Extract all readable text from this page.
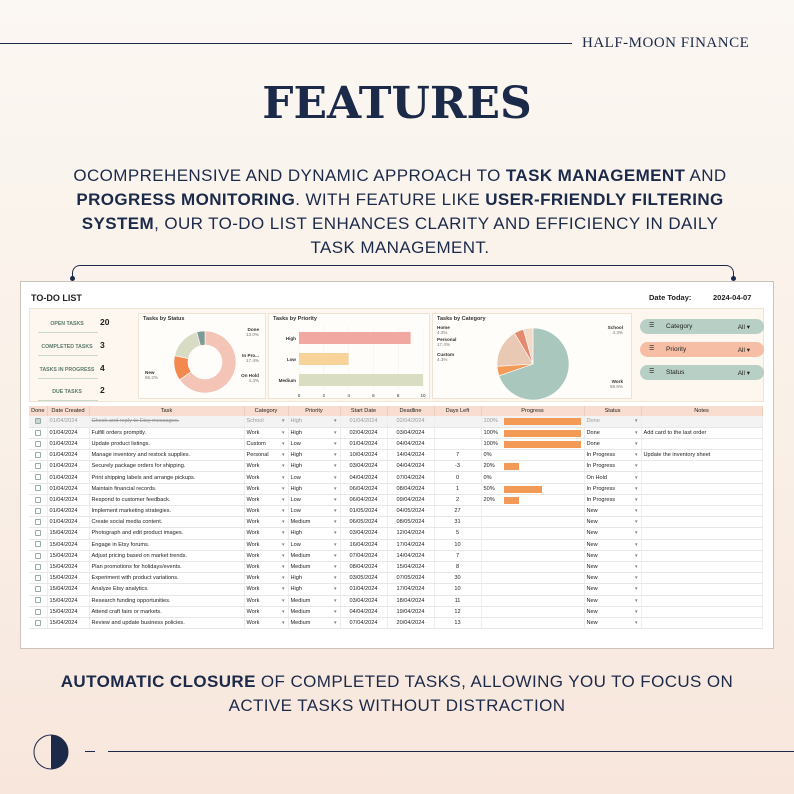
HALF-MOON FINANCE
FEATURES

OCOMPREHENSIVE AND DYNAMIC APPROACH TO TASK MANAGEMENT AND PROGRESS MONITORING. WITH FEATURE LIKE USER-FRIENDLY FILTERING SYSTEM, OUR TO-DO LIST ENHANCES CLARITY AND EFFICIENCY IN DAILY TASK MANAGEMENT.

TO-DO LIST	Date Today:	2024-04-07
OPEN TASKS	20
COMPLETED TASKS 3
TASKS IN PROGRESS 4
DUE TASKS	2
Tasks by Status
New
65.2%
Done
13.0%
In Pro...
17.4%
On Hold
4.3%
Tasks by Priority
0	2	4	6	8	10
High
Low
Medium
Tasks by Category
Work
69.6%
Home
4.3%
Personal
17.4%
Custom
4.3%
School
4.3%
☰ Category	All ▾
☰ Priority	All ▾
☰ Status	All ▾
Done	Date Created	Task	Category	Priority	Start Date	Deadline	Days Left	Progress	Status	Notes
	01/04/2024	Check and reply to Etsy messages.	School ▼	High ▼	01/04/2024	02/04/2024		100%	Done ▼	

	01/04/2024	Fulfill orders promptly.	Work ▼	High ▼	02/04/2024	03/04/2024		100%	Done ▼	Add card to the last order
	01/04/2024	Update product listings.	Custom ▼	Low ▼	01/04/2024	04/04/2024		100%	Done ▼	

	01/04/2024	Manage inventory and restock supplies.	Personal ▼	High ▼	10/04/2024	14/04/2024	7	0%	In Progress ▼	Update the inventory sheet
	01/04/2024	Securely package orders for shipping.	Work ▼	High ▼	03/04/2024	04/04/2024	-3	20%	In Progress ▼	

	01/04/2024	Print shipping labels and arrange pickups.	Work ▼	Low ▼	04/04/2024	07/04/2024	0	0%	On Hold ▼	

	01/04/2024	Maintain financial records.	Work ▼	High ▼	06/04/2024	08/04/2024	1	50%	In Progress ▼	

	01/04/2024	Respond to customer feedback.	Work ▼	Low ▼	06/04/2024	09/04/2024	2	20%	In Progress ▼	

	01/04/2024	Implement marketing strategies.	Work ▼	Low ▼	01/05/2024	04/05/2024	27		New ▼	

	01/04/2024	Create social media content.	Work ▼	Medium ▼	06/05/2024	08/05/2024	31		New ▼	

	15/04/2024	Photograph and edit product images.	Work ▼	High ▼	03/04/2024	12/04/2024	5		New ▼	

	15/04/2024	Engage in Etsy forums.	Work ▼	Low ▼	16/04/2024	17/04/2024	10		New ▼	

	15/04/2024	Adjust pricing based on market trends.	Work ▼	Medium ▼	07/04/2024	14/04/2024	7		New ▼	

	15/04/2024	Plan promotions for holidays/events.	Work ▼	Medium ▼	08/04/2024	15/04/2024	8		New ▼	

	15/04/2024	Experiment with product variations.	Work ▼	High ▼	03/05/2024	07/05/2024	30		New ▼	

	15/04/2024	Analyze Etsy analytics.	Work ▼	High ▼	01/04/2024	17/04/2024	10		New ▼	

	15/04/2024	Research funding opportunities.	Work ▼	Medium ▼	03/04/2024	18/04/2024	11		New ▼	

	15/04/2024	Attend craft fairs or markets.	Work ▼	Medium ▼	04/04/2024	19/04/2024	12		New ▼	

	15/04/2024	Review and update business policies.	Work ▼	Medium ▼	07/04/2024	20/04/2024	13		New ▼	

AUTOMATIC CLOSURE OF COMPLETED TASKS, ALLOWING YOU TO FOCUS ON ACTIVE TASKS WITHOUT DISTRACTION
